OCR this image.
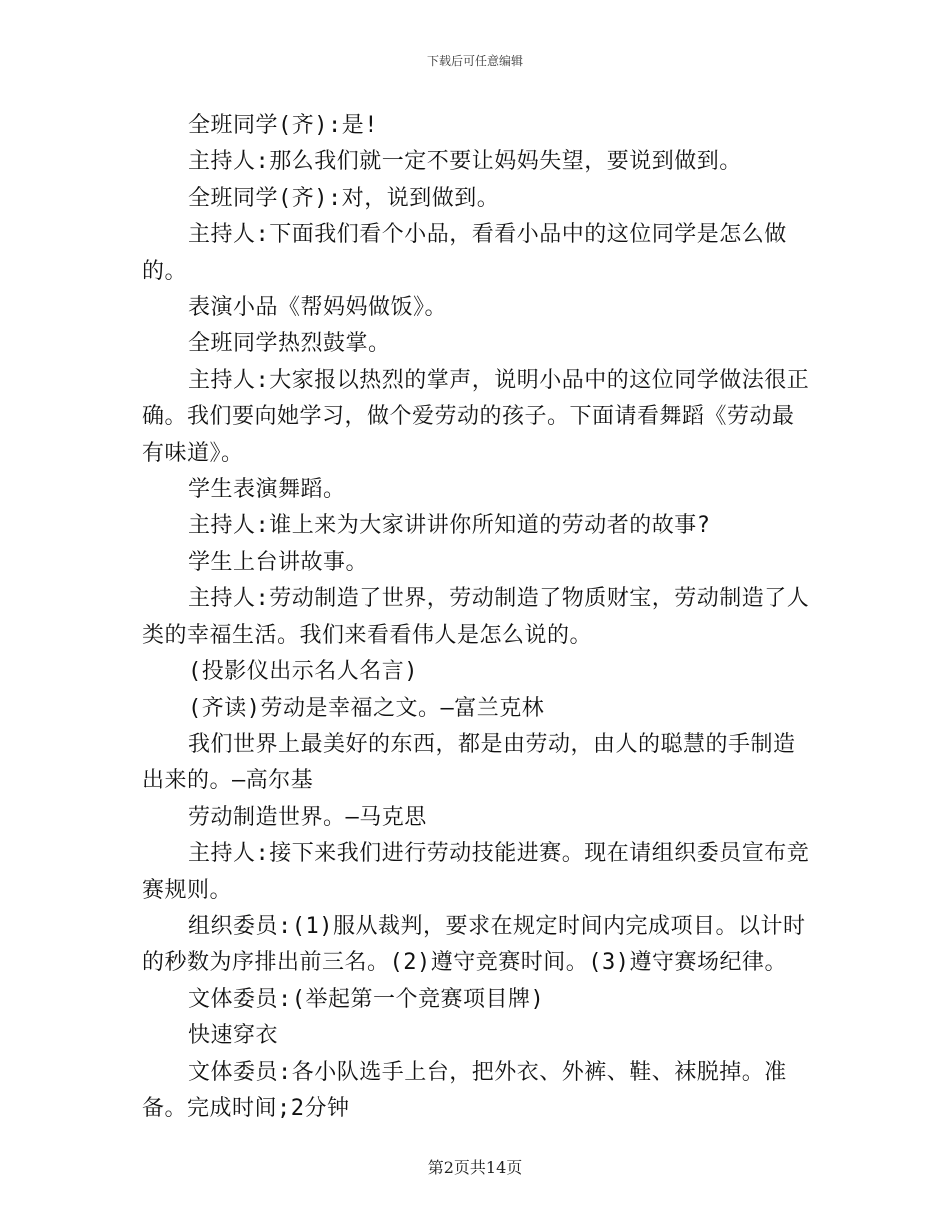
下载后可任意编辑

全班同学(齐):是!

主持人:那么我们就一定不要让妈妈失望，要说到做到。

全班同学(齐):对，说到做到。

主持人:下面我们看个小品，看看小品中的这位同学是怎么做的。

表演小品《帮妈妈做饭》。

全班同学热烈鼓掌。

主持人:大家报以热烈的掌声，说明小品中的这位同学做法很正确。我们要向她学习，做个爱劳动的孩子。下面请看舞蹈《劳动最有味道》。

学生表演舞蹈。

主持人:谁上来为大家讲讲你所知道的劳动者的故事?

学生上台讲故事。

主持人:劳动制造了世界，劳动制造了物质财宝，劳动制造了人类的幸福生活。我们来看看伟人是怎么说的。

(投影仪出示名人名言)

(齐读)劳动是幸福之文。—富兰克林

我们世界上最美好的东西，都是由劳动，由人的聪慧的手制造出来的。—高尔基

劳动制造世界。—马克思

主持人:接下来我们进行劳动技能进赛。现在请组织委员宣布竞赛规则。

组织委员:(1)服从裁判，要求在规定时间内完成项目。以计时的秒数为序排出前三名。(2)遵守竞赛时间。(3)遵守赛场纪律。

文体委员:(举起第一个竞赛项目牌)

快速穿衣

文体委员:各小队选手上台，把外衣、外裤、鞋、袜脱掉。准备。完成时间;2分钟

第2页共14页
